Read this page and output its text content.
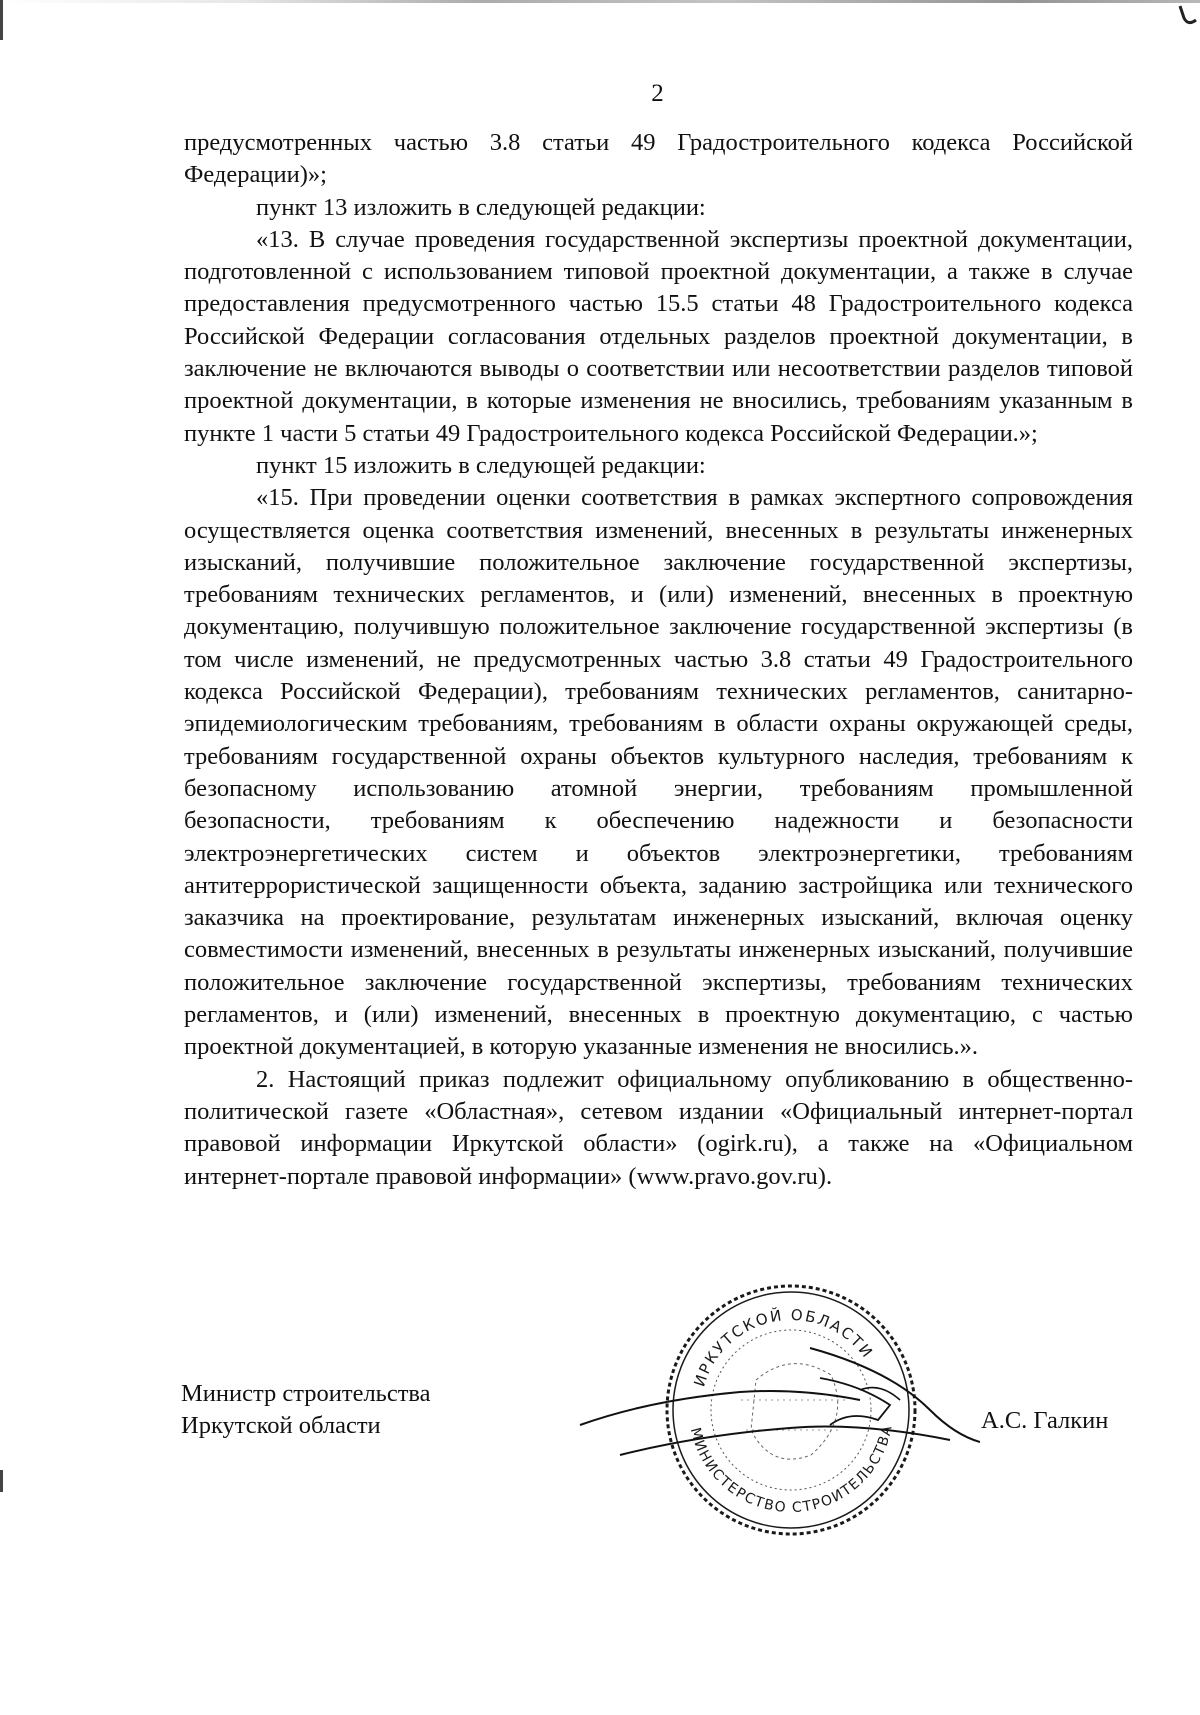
2

предусмотренных частью 3.8 статьи 49 Градостроительного кодекса Российской Федерации)»;

пункт 13 изложить в следующей редакции:

«13. В случае проведения государственной экспертизы проектной документации, подготовленной с использованием типовой проектной документации, а также в случае предоставления предусмотренного частью 15.5 статьи 48 Градостроительного кодекса Российской Федерации согласования отдельных разделов проектной документации, в заключение не включаются выводы о соответствии или несоответствии разделов типовой проектной документации, в которые изменения не вносились, требованиям указанным в пункте 1 части 5 статьи 49 Градостроительного кодекса Российской Федерации.»;

пункт 15 изложить в следующей редакции:

«15. При проведении оценки соответствия в рамках экспертного сопровождения осуществляется оценка соответствия изменений, внесенных в результаты инженерных изысканий, получившие положительное заключение государственной экспертизы, требованиям технических регламентов, и (или) изменений, внесенных в проектную документацию, получившую положительное заключение государственной экспертизы (в том числе изменений, не предусмотренных частью 3.8 статьи 49 Градостроительного кодекса Российской Федерации), требованиям технических регламентов, санитарно-эпидемиологическим требованиям, требованиям в области охраны окружающей среды, требованиям государственной охраны объектов культурного наследия, требованиям к безопасному использованию атомной энергии, требованиям промышленной безопасности, требованиям к обеспечению надежности и безопасности электроэнергетических систем и объектов электроэнергетики, требованиям антитеррористической защищенности объекта, заданию застройщика или технического заказчика на проектирование, результатам инженерных изысканий, включая оценку совместимости изменений, внесенных в результаты инженерных изысканий, получившие положительное заключение государственной экспертизы, требованиям технических регламентов, и (или) изменений, внесенных в проектную документацию, с частью проектной документацией, в которую указанные изменения не вносились.».

2. Настоящий приказ подлежит официальному опубликованию в общественно-политической газете «Областная», сетевом издании «Официальный интернет-портал правовой информации Иркутской области» (ogirk.ru), а также на «Официальном интернет-портале правовой информации» (www.pravo.gov.ru).

Министр строительства
Иркутской области
ИРКУТСКОЙ ОБЛАСТИ
МИНИСТЕРСТВО СТРОИТЕЛЬСТВА	А.С. Галкин
